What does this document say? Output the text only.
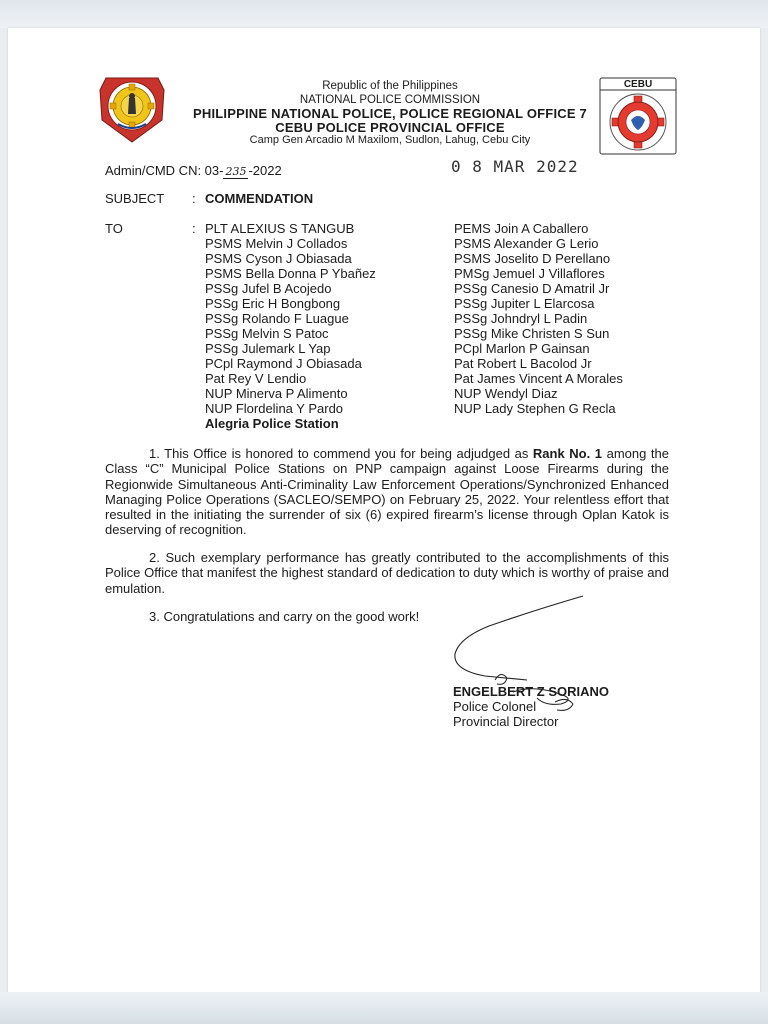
CEBU
Republic of the Philippines
NATIONAL POLICE COMMISSION
PHILIPPINE NATIONAL POLICE, POLICE REGIONAL OFFICE 7
CEBU POLICE PROVINCIAL OFFICE
Camp Gen Arcadio M Maxilom, Sudlon, Lahug, Cebu City
Admin/CMD CN: 03- 235 -2022	0 8 MAR 2022
SUBJECT : COMMENDATION
TO	: PLT ALEXIUS S TANGUB
PSMS Melvin J Collados
PSMS Cyson J Obiasada
PSMS Bella Donna P Ybañez
PSSg Jufel B Acojedo
PSSg Eric H Bongbong
PSSg Rolando F Luague
PSSg Melvin S Patoc
PSSg Julemark L Yap
PCpl Raymond J Obiasada
Pat Rey V Lendio
NUP Minerva P Alimento
NUP Flordelina Y Pardo
Alegria Police Station
PEMS Join A Caballero
PSMS Alexander G Lerio
PSMS Joselito D Perellano
PMSg Jemuel J Villaflores
PSSg Canesio D Amatril Jr
PSSg Jupiter L Elarcosa
PSSg Johndryl L Padin
PSSg Mike Christen S Sun
PCpl Marlon P Gainsan
Pat Robert L Bacolod Jr
Pat James Vincent A Morales
NUP Wendyl Diaz
NUP Lady Stephen G Recla
1. This Office is honored to commend you for being adjudged as Rank No. 1 among the Class “C” Municipal Police Stations on PNP campaign against Loose Firearms during the Regionwide Simultaneous Anti-Criminality Law Enforcement Operations/Synchronized Enhanced Managing Police Operations (SACLEO/SEMPO) on February 25, 2022. Your relentless effort that resulted in the initiating the surrender of six (6) expired firearm’s license through Oplan Katok is deserving of recognition.
2. Such exemplary performance has greatly contributed to the accomplishments of this Police Office that manifest the highest standard of dedication to duty which is worthy of praise and emulation.
3. Congratulations and carry on the good work!
ENGELBERT Z SORIANO
Police Colonel
Provincial Director
